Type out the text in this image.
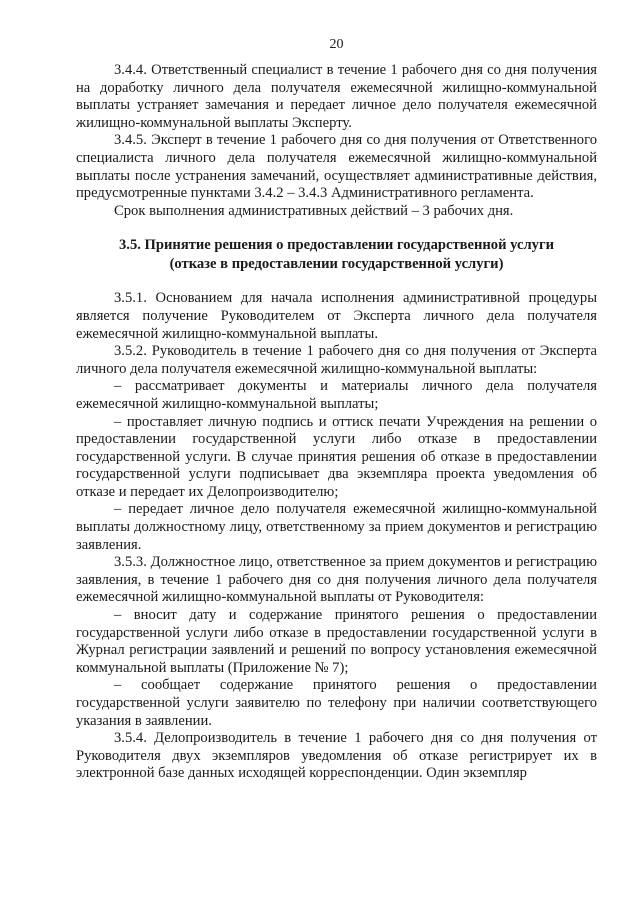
20

3.4.4. Ответственный специалист в течение 1 рабочего дня со дня получения на доработку личного дела получателя ежемесячной жилищно-коммунальной выплаты устраняет замечания и передает личное дело получателя ежемесячной жилищно-коммунальной выплаты Эксперту.

3.4.5. Эксперт в течение 1 рабочего дня со дня получения от Ответственного специалиста личного дела получателя ежемесячной жилищно-коммунальной выплаты после устранения замечаний, осуществляет административные действия, предусмотренные пунктами 3.4.2 – 3.4.3 Административного регламента.

Срок выполнения административных действий – 3 рабочих дня.

3.5. Принятие решения о предоставлении государственной услуги
(отказе в предоставлении государственной услуги)

3.5.1. Основанием для начала исполнения административной процедуры является получение Руководителем от Эксперта личного дела получателя ежемесячной жилищно-коммунальной выплаты.

3.5.2. Руководитель в течение 1 рабочего дня со дня получения от Эксперта личного дела получателя ежемесячной жилищно-коммунальной выплаты:

– рассматривает документы и материалы личного дела получателя ежемесячной жилищно-коммунальной выплаты;

– проставляет личную подпись и оттиск печати Учреждения на решении о предоставлении государственной услуги либо отказе в предоставлении государственной услуги. В случае принятия решения об отказе в предоставлении государственной услуги подписывает два экземпляра проекта уведомления об отказе и передает их Делопроизводителю;

– передает личное дело получателя ежемесячной жилищно-коммунальной выплаты должностному лицу, ответственному за прием документов и регистрацию заявления.

3.5.3. Должностное лицо, ответственное за прием документов и регистрацию заявления, в течение 1 рабочего дня со дня получения личного дела получателя ежемесячной жилищно-коммунальной выплаты от Руководителя:

– вносит дату и содержание принятого решения о предоставлении государственной услуги либо отказе в предоставлении государственной услуги в Журнал регистрации заявлений и решений по вопросу установления ежемесячной коммунальной выплаты (Приложение № 7);

– сообщает содержание принятого решения о предоставлении государственной услуги заявителю по телефону при наличии соответствующего указания в заявлении.

3.5.4. Делопроизводитель в течение 1 рабочего дня со дня получения от Руководителя двух экземпляров уведомления об отказе регистрирует их в электронной базе данных исходящей корреспонденции. Один экземпляр
